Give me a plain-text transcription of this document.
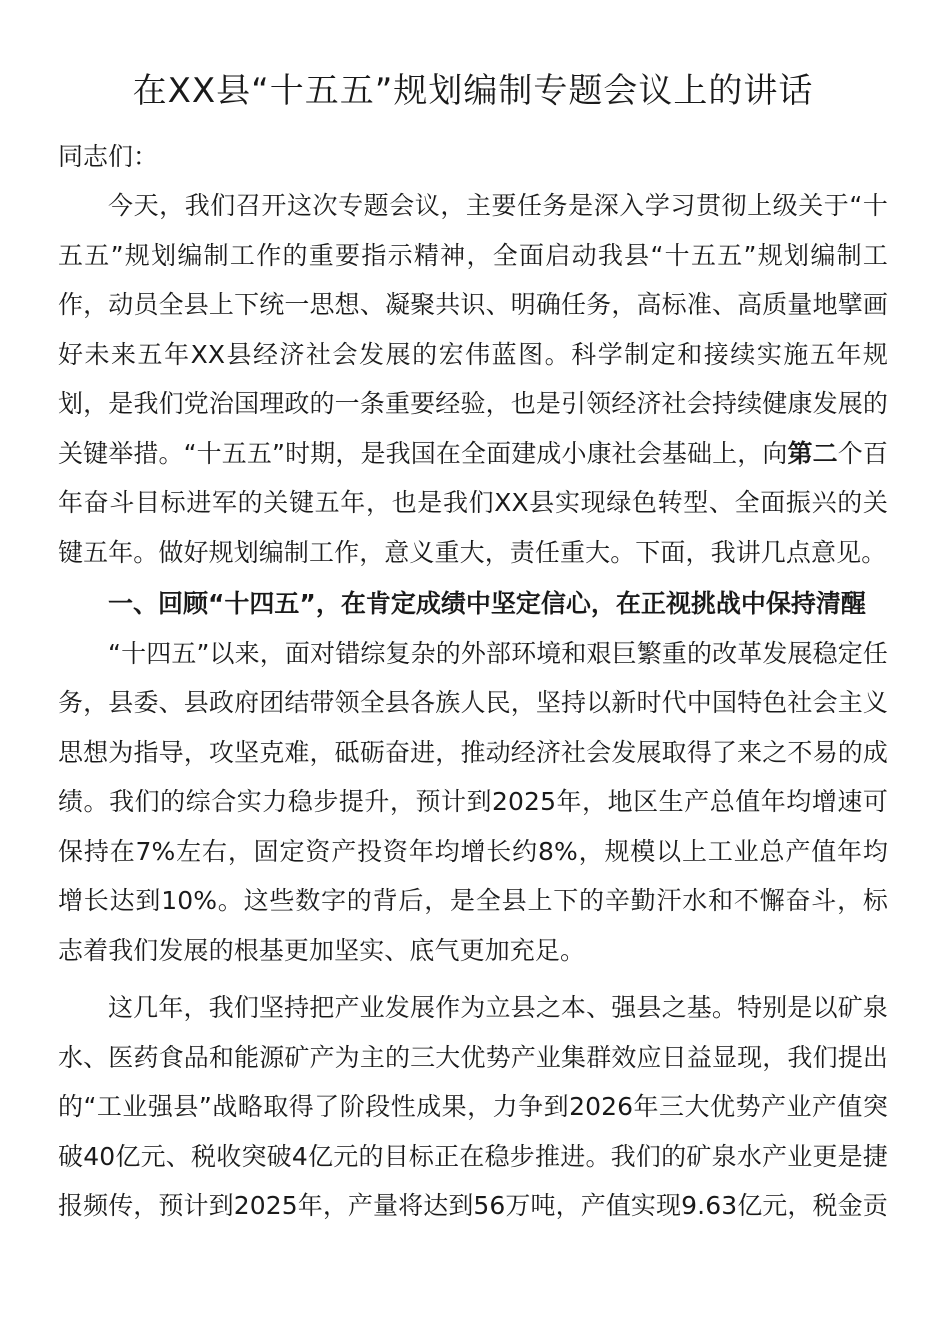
在XX县“十五五”规划编制专题会议上的讲话

同志们：

今天，我们召开这次专题会议，主要任务是深入学习贯彻上级关于“十五五”规划编制工作的重要指示精神，全面启动我县“十五五”规划编制工作，动员全县上下统一思想、凝聚共识、明确任务，高标准、高质量地擘画好未来五年XX县经济社会发展的宏伟蓝图。科学制定和接续实施五年规划，是我们党治国理政的一条重要经验，也是引领经济社会持续健康发展的关键举措。“十五五”时期，是我国在全面建成小康社会基础上，向第二个百年奋斗目标进军的关键五年，也是我们XX县实现绿色转型、全面振兴的关键五年。做好规划编制工作，意义重大，责任重大。下面，我讲几点意见。

一、回顾“十四五”，在肯定成绩中坚定信心，在正视挑战中保持清醒

“十四五”以来，面对错综复杂的外部环境和艰巨繁重的改革发展稳定任务，县委、县政府团结带领全县各族人民，坚持以新时代中国特色社会主义思想为指导，攻坚克难，砥砺奋进，推动经济社会发展取得了来之不易的成绩。我们的综合实力稳步提升，预计到2025年，地区生产总值年均增速可保持在7%左右，固定资产投资年均增长约8%，规模以上工业总产值年均增长达到10%。这些数字的背后，是全县上下的辛勤汗水和不懈奋斗，标志着我们发展的根基更加坚实、底气更加充足。

这几年，我们坚持把产业发展作为立县之本、强县之基。特别是以矿泉水、医药食品和能源矿产为主的三大优势产业集群效应日益显现，我们提出的“工业强县”战略取得了阶段性成果，力争到2026年三大优势产业产值突破40亿元、税收突破4亿元的目标正在稳步推进。我们的矿泉水产业更是捷报频传，预计到2025年，产量将达到56万吨，产值实现9.63亿元，税金贡
